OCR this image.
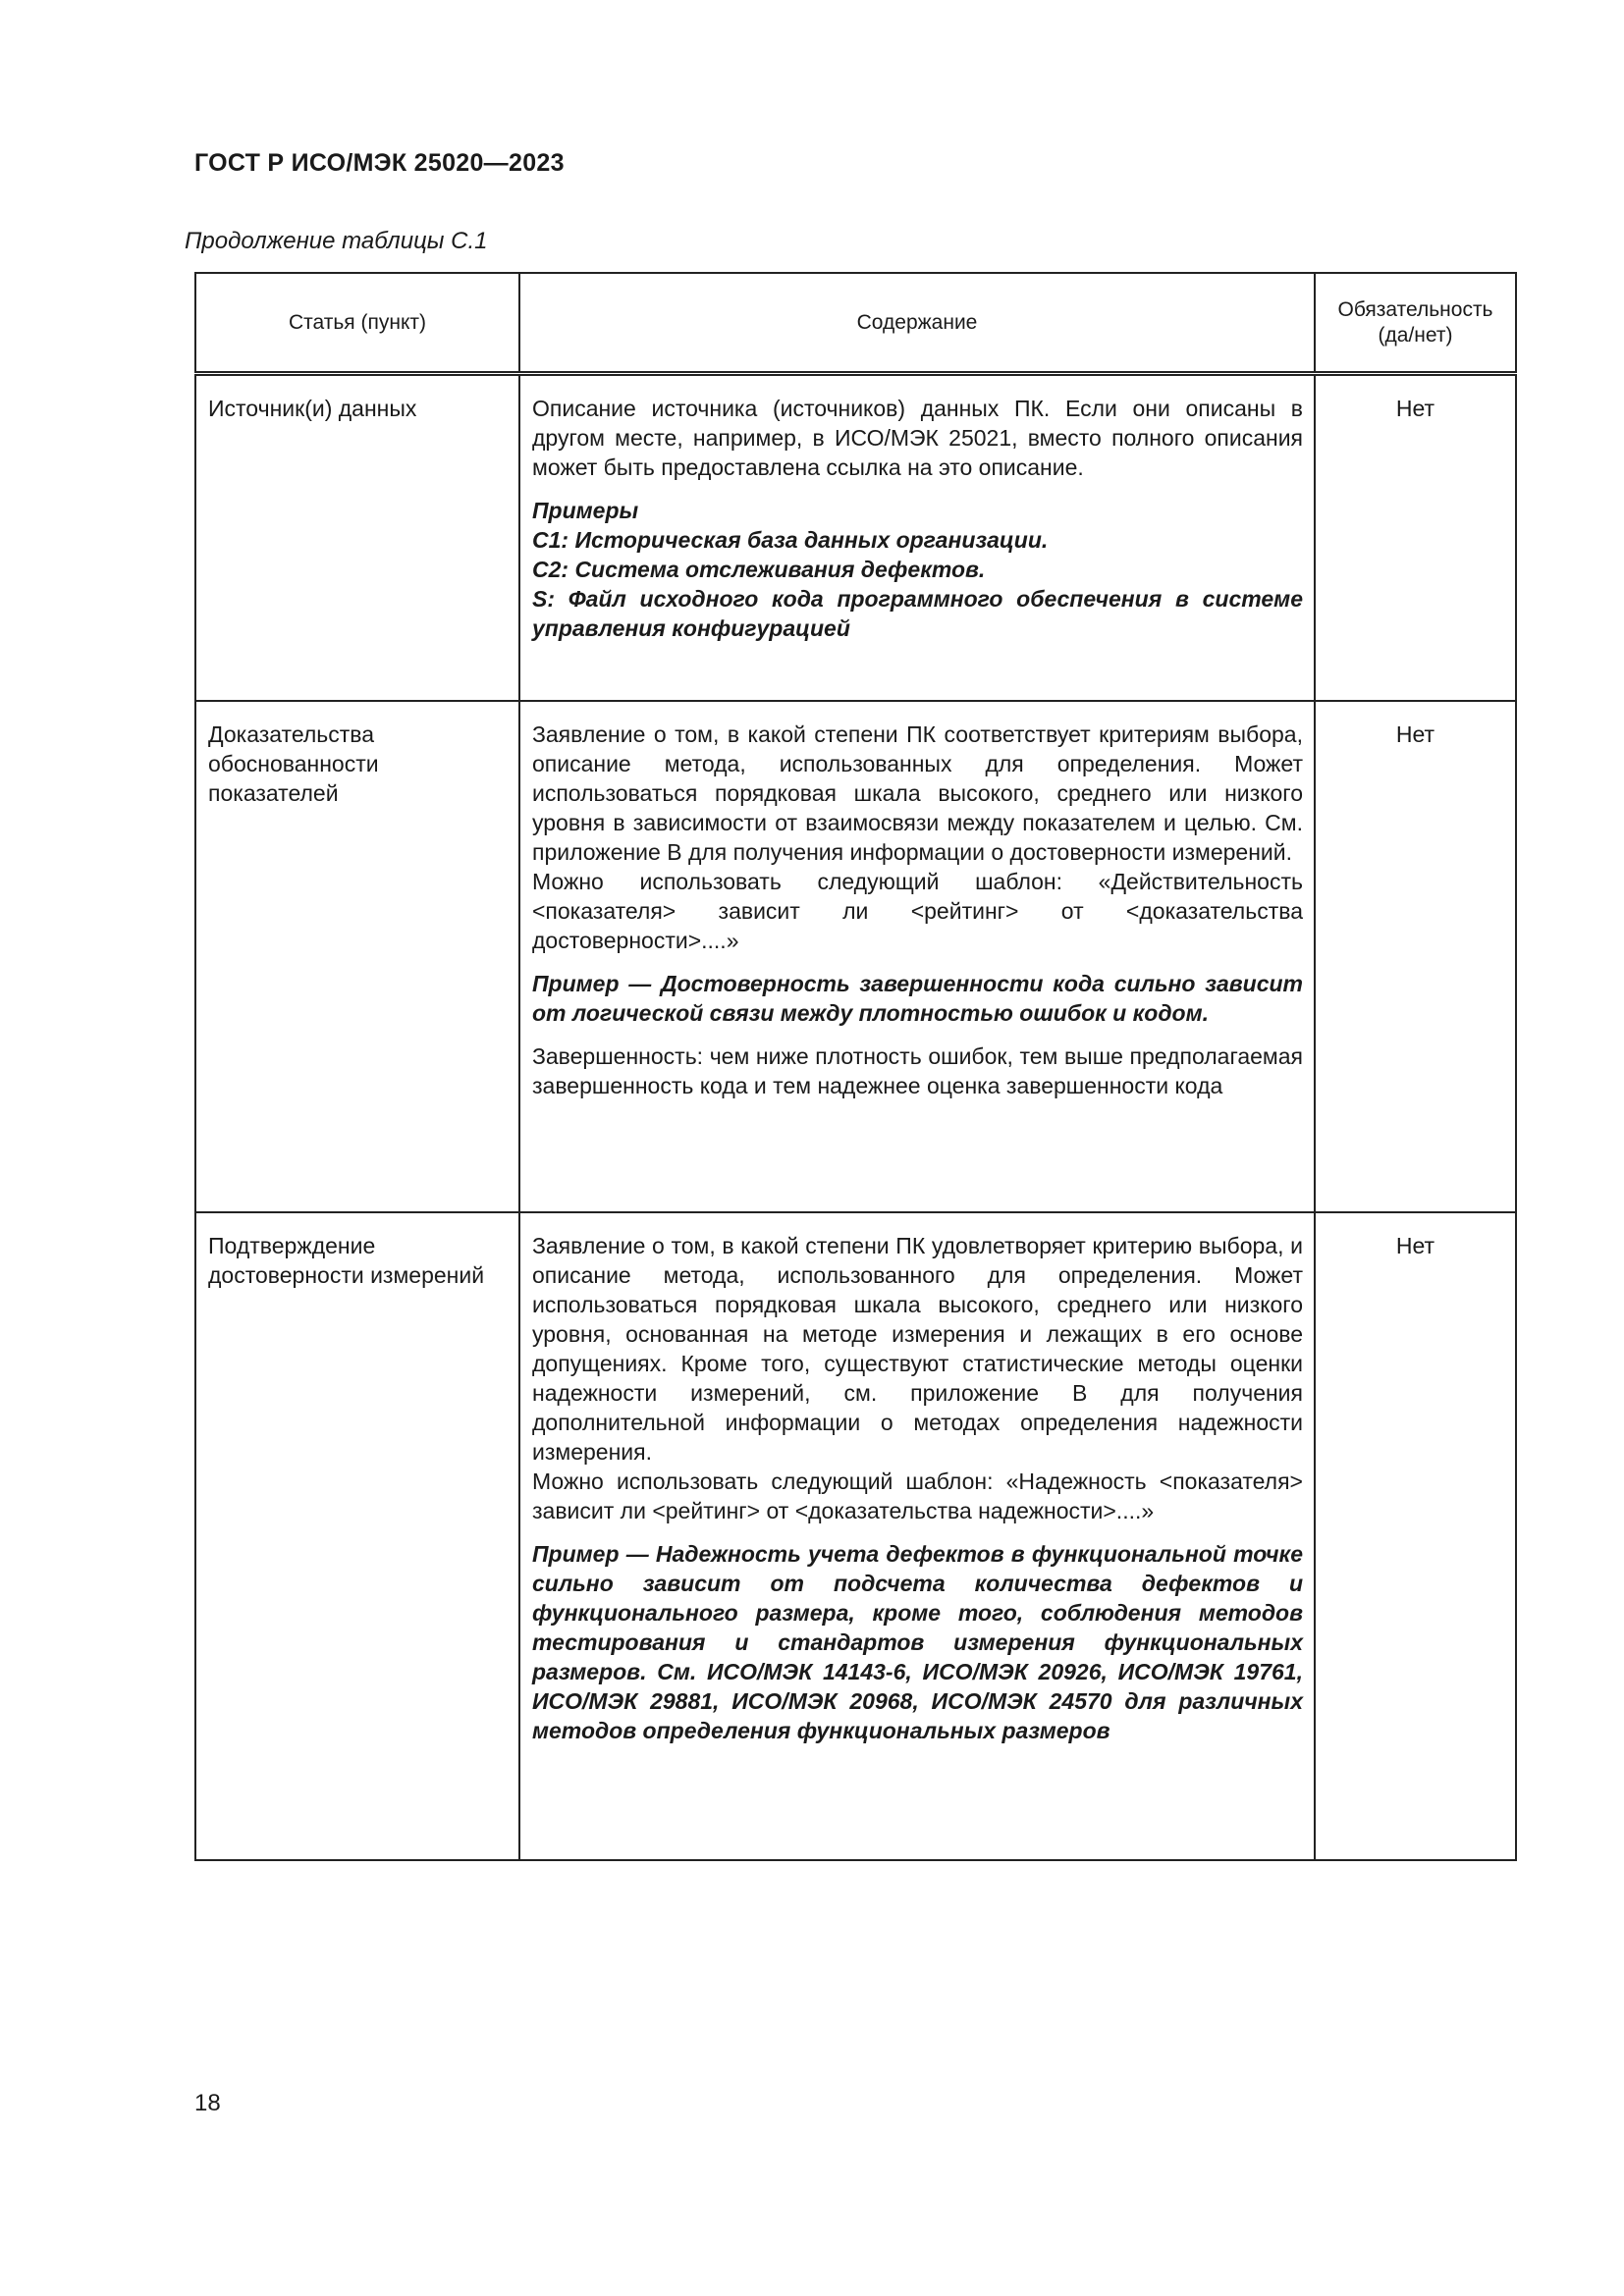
ГОСТ Р ИСО/МЭК 25020—2023
Продолжение таблицы С.1
Статья (пункт)	Содержание	Обязательность (да/нет)
Источник(и) данных	Описание источника (источников) данных ПК. Если они описаны в другом месте, например, в ИСО/МЭК 25021, вместо полного описания может быть предоставлена ссылка на это описание.

Примеры

С1: Историческая база данных организации.

С2: Система отслеживания дефектов.

S: Файл исходного кода программного обеспечения в системе управления конфигурацией	Нет
Доказательства обоснованности показателей	Заявление о том, в какой степени ПК соответствует критериям выбора, описание метода, использованных для определения. Может использоваться порядковая шкала высокого, среднего или низкого уровня в зависимости от взаимосвязи между показателем и целью. См. приложение В для получения информации о достоверности измерений.

Можно использовать следующий шаблон: «Действительность <показателя> зависит ли <рейтинг> от <доказательства достоверности>....»

Пример — Достоверность завершенности кода сильно зависит от логической связи между плотностью ошибок и кодом.

Завершенность: чем ниже плотность ошибок, тем выше предполагаемая завершенность кода и тем надежнее оценка завершенности кода	Нет
Подтверждение достоверности измерений	Заявление о том, в какой степени ПК удовлетворяет критерию выбора, и описание метода, использованного для определения. Может использоваться порядковая шкала высокого, среднего или низкого уровня, основанная на методе измерения и лежащих в его основе допущениях. Кроме того, существуют статистические методы оценки надежности измерений, см. приложение В для получения дополнительной информации о методах определения надежности измерения.

Можно использовать следующий шаблон: «Надежность <показателя> зависит ли <рейтинг> от <доказательства надежности>....»

Пример — Надежность учета дефектов в функциональной точке сильно зависит от подсчета количества дефектов и функционального размера, кроме того, соблюдения методов тестирования и стандартов измерения функциональных размеров. См. ИСО/МЭК 14143-6, ИСО/МЭК 20926, ИСО/МЭК 19761, ИСО/МЭК 29881, ИСО/МЭК 20968, ИСО/МЭК 24570 для различных методов определения функциональных размеров	Нет
18
